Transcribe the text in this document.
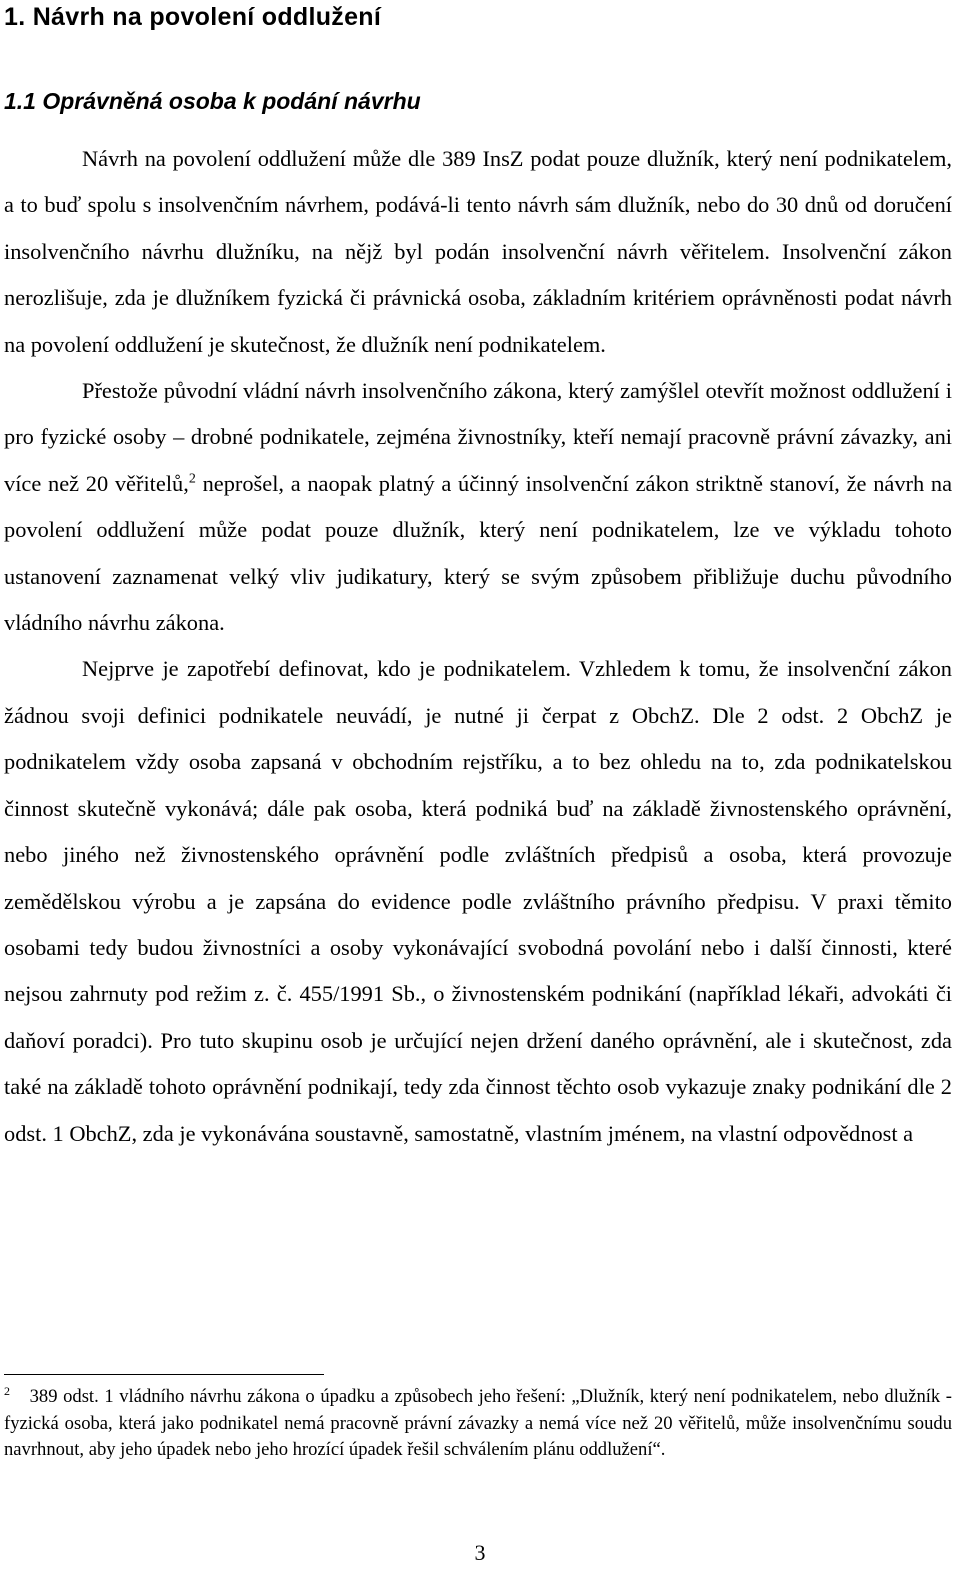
1. Návrh na povolení oddlužení
1.1 Oprávněná osoba k podání návrhu

Návrh na povolení oddlužení může dle 389 InsZ podat pouze dlužník, který není podnikatelem, a to buď spolu s insolvenčním návrhem, podává-li tento návrh sám dlužník, nebo do 30 dnů od doručení insolvenčního návrhu dlužníku, na nějž byl podán insolvenční návrh věřitelem. Insolvenční zákon nerozlišuje, zda je dlužníkem fyzická či právnická osoba, základním kritériem oprávněnosti podat návrh na povolení oddlužení je skutečnost, že dlužník není podnikatelem.

Přestože původní vládní návrh insolvenčního zákona, který zamýšlel otevřít možnost oddlužení i pro fyzické osoby – drobné podnikatele, zejména živnostníky, kteří nemají pracovně právní závazky, ani více než 20 věřitelů,$^2$ neprošel, a naopak platný a účinný insolvenční zákon striktně stanoví, že návrh na povolení oddlužení může podat pouze dlužník, který není podnikatelem, lze ve výkladu tohoto ustanovení zaznamenat velký vliv judikatury, který se svým způsobem přibližuje duchu původního vládního návrhu zákona.

Nejprve je zapotřebí definovat, kdo je podnikatelem. Vzhledem k tomu, že insolvenční zákon žádnou svoji definici podnikatele neuvádí, je nutné ji čerpat z ObchZ. Dle 2 odst. 2 ObchZ je podnikatelem vždy osoba zapsaná v obchodním rejstříku, a to bez ohledu na to, zda podnikatelskou činnost skutečně vykonává; dále pak osoba, která podniká buď na základě živnostenského oprávnění, nebo jiného než živnostenského oprávnění podle zvláštních předpisů a osoba, která provozuje zemědělskou výrobu a je zapsána do evidence podle zvláštního právního předpisu. V praxi těmito osobami tedy budou živnostníci a osoby vykonávající svobodná povolání nebo i další činnosti, které nejsou zahrnuty pod režim z. č. 455/1991 Sb., o živnostenském podnikání (například lékaři, advokáti či daňoví poradci). Pro tuto skupinu osob je určující nejen držení daného oprávnění, ale i skutečnost, zda také na základě tohoto oprávnění podnikají, tedy zda činnost těchto osob vykazuje znaky podnikání dle 2 odst. 1 ObchZ, zda je vykonávána soustavně, samostatně, vlastním jménem, na vlastní odpovědnost a

$^2$ 389 odst. 1 vládního návrhu zákona o úpadku a způsobech jeho řešení: „Dlužník, který není podnikatelem, nebo dlužník - fyzická osoba, která jako podnikatel nemá pracovně právní závazky a nemá více než 20 věřitelů, může insolvenčnímu soudu navrhnout, aby jeho úpadek nebo jeho hrozící úpadek řešil schválením plánu oddlužení“.

3
